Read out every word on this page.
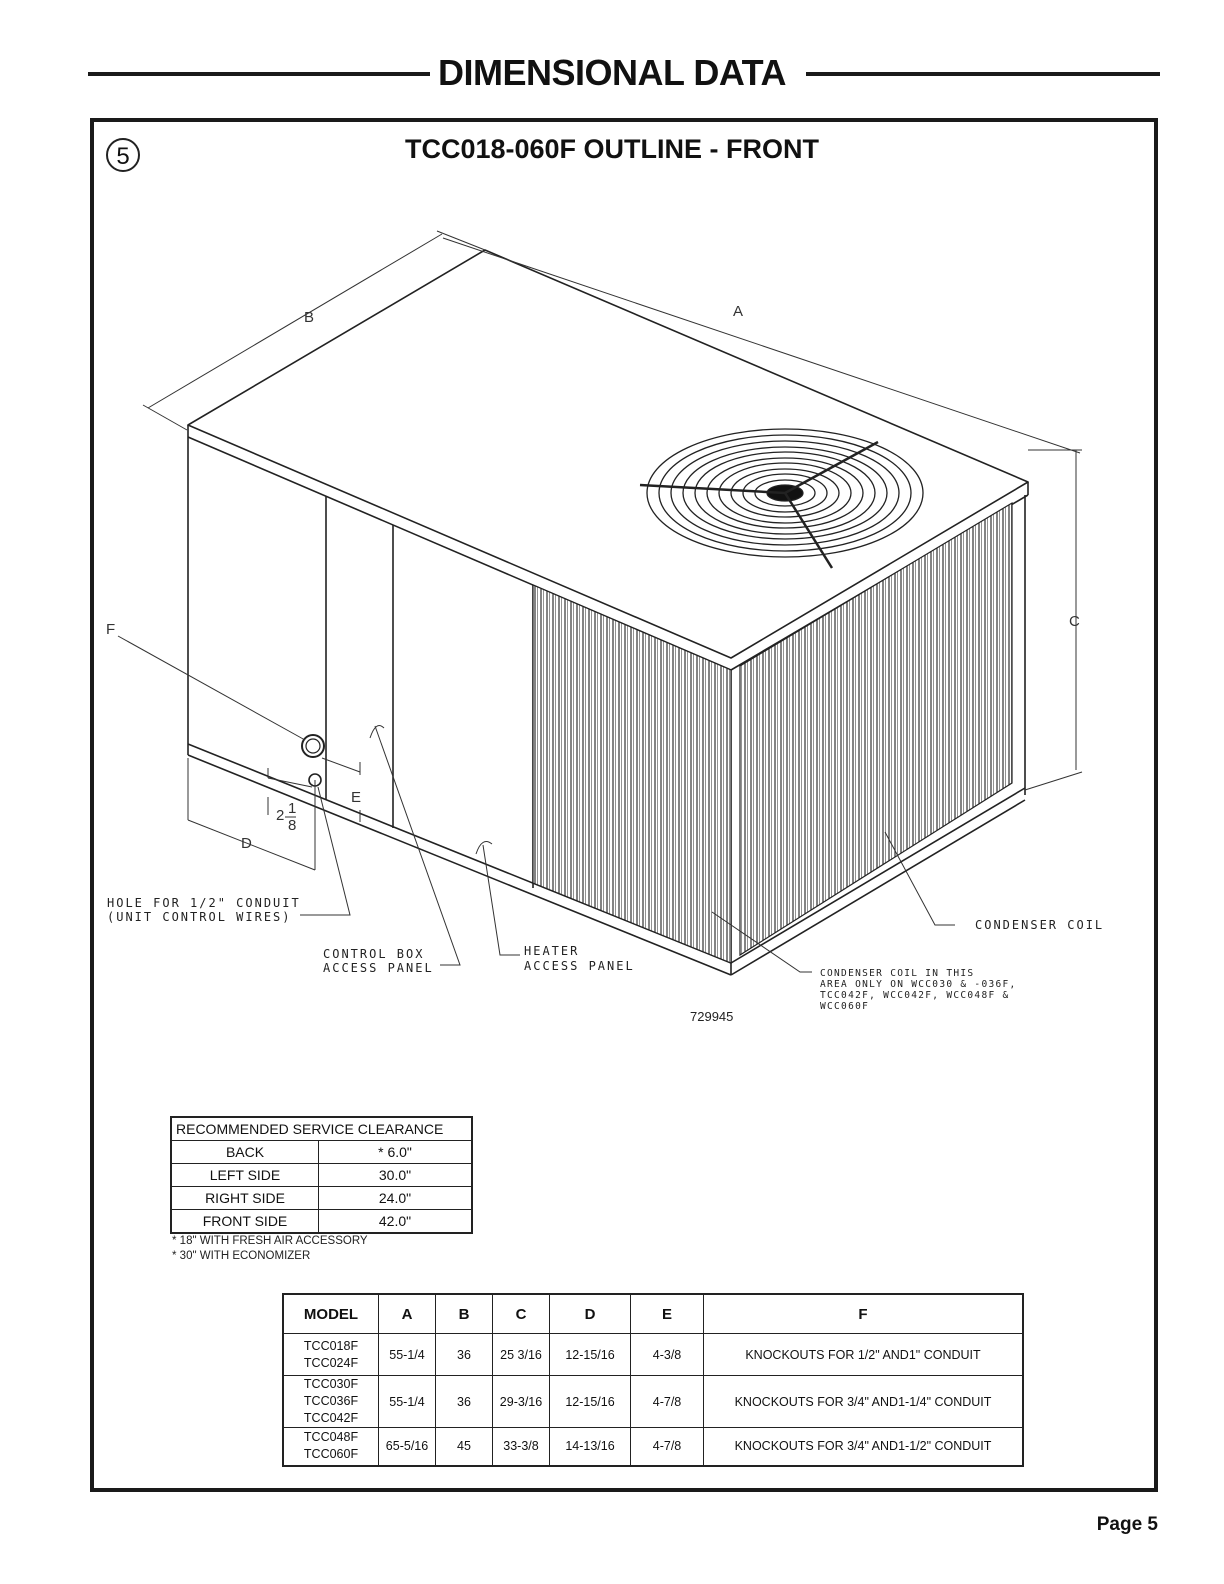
DIMENSIONAL DATA
5	TCC018-060F OUTLINE - FRONT
B	A
C
D
E
F
2 1
8
HOLE FOR 1/2" CONDUIT
(UNIT CONTROL WIRES)
CONTROL BOX
ACCESS PANEL
HEATER
ACCESS PANEL
CONDENSER COIL
CONDENSER COIL IN THIS
AREA ONLY ON WCC030 & -036F,
TCC042F, WCC042F, WCC048F &
WCC060F
729945
RECOMMENDED SERVICE CLEARANCE	
BACK	* 6.0"
LEFT SIDE	30.0"
RIGHT SIDE	24.0"
FRONT SIDE	42.0"
* 18" WITH FRESH AIR ACCESSORY
* 30" WITH ECONOMIZER
MODEL	A	B	C	D	E	F

TCC018F
TCC024F	55-1/4	36	25 3/16	12-15/16	4-3/8	KNOCKOUTS FOR 1/2" AND1" CONDUIT

TCC030F
TCC036F
TCC042F	55-1/4	36	29-3/16	12-15/16	4-7/8	KNOCKOUTS FOR 3/4" AND1-1/4" CONDUIT

TCC048F
TCC060F	65-5/16	45	33-3/8	14-13/16	4-7/8	KNOCKOUTS FOR 3/4" AND1-1/2" CONDUIT
Page 5
